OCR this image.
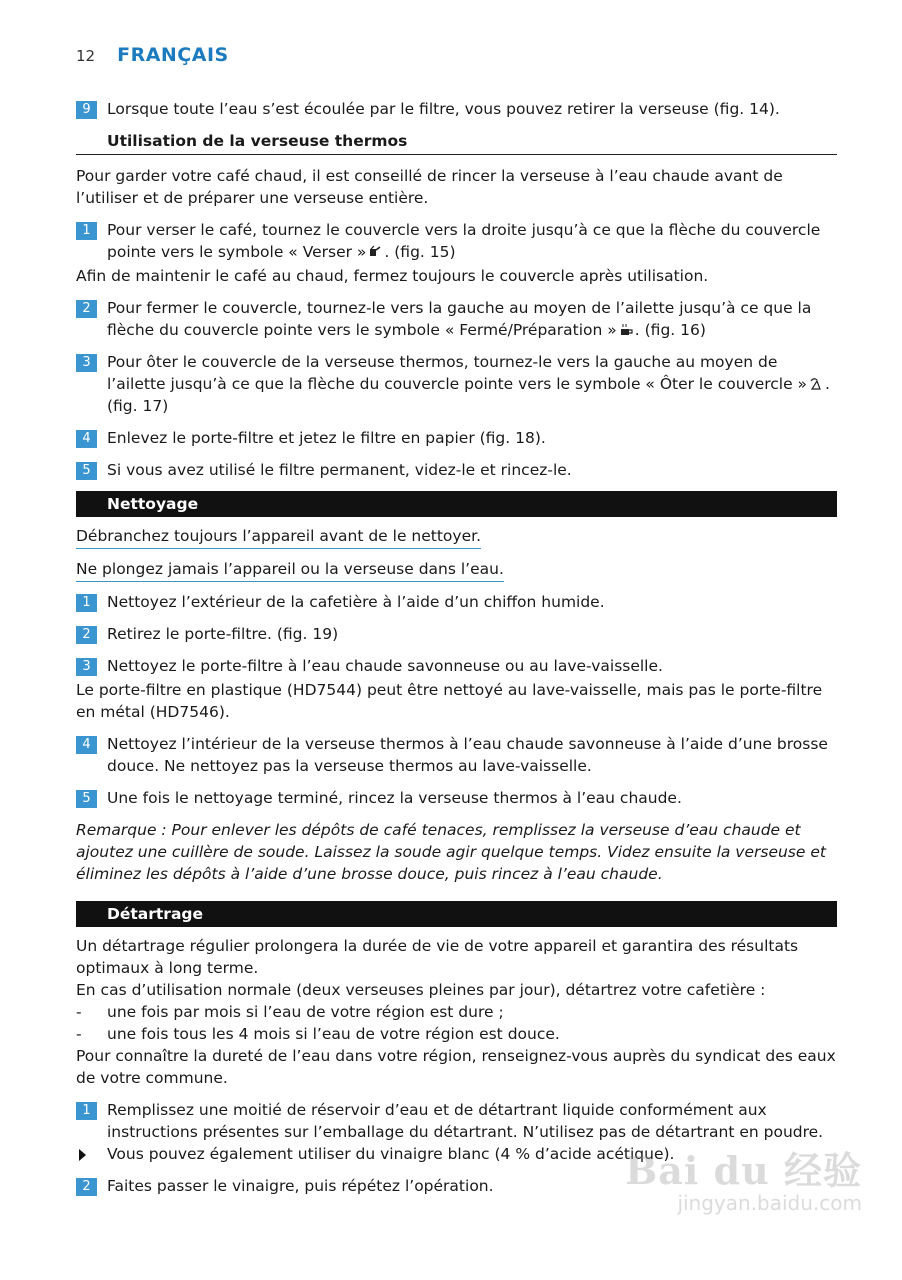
12 FRANÇAIS
9	Lorsque toute l’eau s’est écoulée par le filtre, vous pouvez retirer la verseuse (fig. 14).
Utilisation de la verseuse thermos
Pour garder votre café chaud, il est conseillé de rincer la verseuse à l’eau chaude avant de l’utiliser et de préparer une verseuse entière.
1	Pour verser le café, tournez le couvercle vers la droite jusqu’à ce que la flèche du couvercle pointe vers le symbole « Verser » . (fig. 15)
Afin de maintenir le café au chaud, fermez toujours le couvercle après utilisation.
2	Pour fermer le couvercle, tournez-le vers la gauche au moyen de l’ailette jusqu’à ce que la flèche du couvercle pointe vers le symbole « Fermé/Préparation » . (fig. 16)
3	Pour ôter le couvercle de la verseuse thermos, tournez-le vers la gauche au moyen de l’ailette jusqu’à ce que la flèche du couvercle pointe vers le symbole « Ôter le couvercle » . (fig. 17)
4	Enlevez le porte-filtre et jetez le filtre en papier (fig. 18).
5	Si vous avez utilisé le filtre permanent, videz-le et rincez-le.
Nettoyage
Débranchez toujours l’appareil avant de le nettoyer.
Ne plongez jamais l’appareil ou la verseuse dans l’eau.
1	Nettoyez l’extérieur de la cafetière à l’aide d’un chiffon humide.
2	Retirez le porte-filtre. (fig. 19)
3	Nettoyez le porte-filtre à l’eau chaude savonneuse ou au lave-vaisselle.
Le porte-filtre en plastique (HD7544) peut être nettoyé au lave-vaisselle, mais pas le porte-filtre en métal (HD7546).
4	Nettoyez l’intérieur de la verseuse thermos à l’eau chaude savonneuse à l’aide d’une brosse douce. Ne nettoyez pas la verseuse thermos au lave-vaisselle.
5	Une fois le nettoyage terminé, rincez la verseuse thermos à l’eau chaude.
Remarque : Pour enlever les dépôts de café tenaces, remplissez la verseuse d’eau chaude et ajoutez une cuillère de soude. Laissez la soude agir quelque temps. Videz ensuite la verseuse et éliminez les dépôts à l’aide d’une brosse douce, puis rincez à l’eau chaude.
Détartrage
Un détartrage régulier prolongera la durée de vie de votre appareil et garantira des résultats optimaux à long terme.
En cas d’utilisation normale (deux verseuses pleines par jour), détartrez votre cafetière :
- une fois par mois si l’eau de votre région est dure ;
- une fois tous les 4 mois si l’eau de votre région est douce.
Pour connaître la dureté de l’eau dans votre région, renseignez-vous auprès du syndicat des eaux de votre commune.
1	Remplissez une moitié de réservoir d’eau et de détartrant liquide conformément aux instructions présentes sur l’emballage du détartrant. N’utilisez pas de détartrant en poudre.
Vous pouvez également utiliser du vinaigre blanc (4 % d’acide acétique).
2	Faites passer le vinaigre, puis répétez l’opération.	Bai du 经验
jingyan.baidu.com
